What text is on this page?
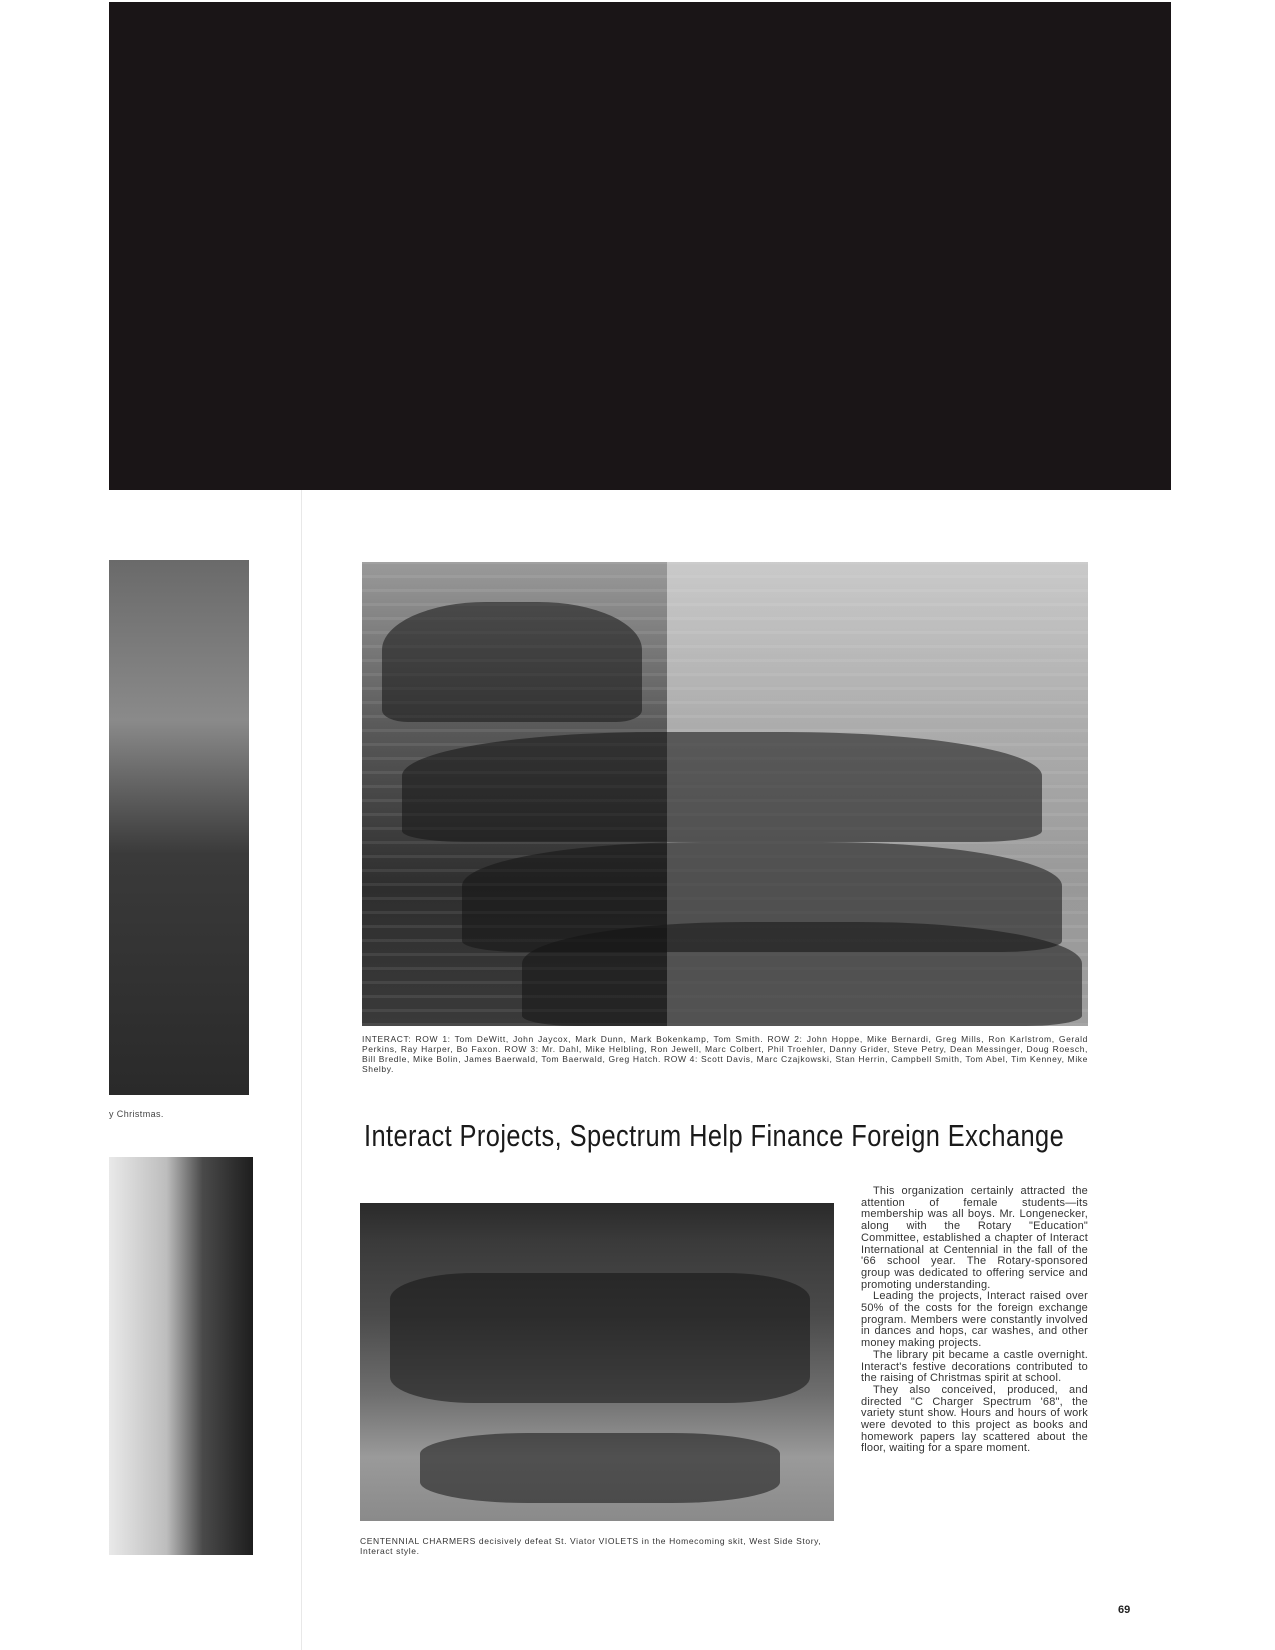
y Christmas.
INTERACT: ROW 1: Tom DeWitt, John Jaycox, Mark Dunn, Mark Bokenkamp, Tom Smith. ROW 2: John Hoppe, Mike Bernardi, Greg Mills, Ron Karlstrom, Gerald Perkins, Ray Harper, Bo Faxon. ROW 3: Mr. Dahl, Mike Helbling, Ron Jewell, Marc Colbert, Phil Troehler, Danny Grider, Steve Petry, Dean Messinger, Doug Roesch, Bill Bredle, Mike Bolin, James Baerwald, Tom Baerwald, Greg Hatch. ROW 4: Scott Davis, Marc Czajkowski, Stan Herrin, Campbell Smith, Tom Abel, Tim Kenney, Mike Shelby.
Interact Projects, Spectrum Help Finance Foreign Exchange
CENTENNIAL CHARMERS decisively defeat St. Viator VIOLETS in the Homecoming skit, West Side Story, Interact style.

This organization certainly attracted the attention of female students—its membership was all boys. Mr. Longenecker, along with the Rotary "Education" Committee, established a chapter of Interact International at Centennial in the fall of the '66 school year. The Rotary-sponsored group was dedicated to offering service and promoting understanding.

Leading the projects, Interact raised over 50% of the costs for the foreign exchange program. Members were constantly involved in dances and hops, car washes, and other money making projects.

The library pit became a castle overnight. Interact's festive decorations contributed to the raising of Christmas spirit at school.

They also conceived, produced, and directed "C Charger Spectrum '68", the variety stunt show. Hours and hours of work were devoted to this project as books and homework papers lay scattered about the floor, waiting for a spare moment.

69
